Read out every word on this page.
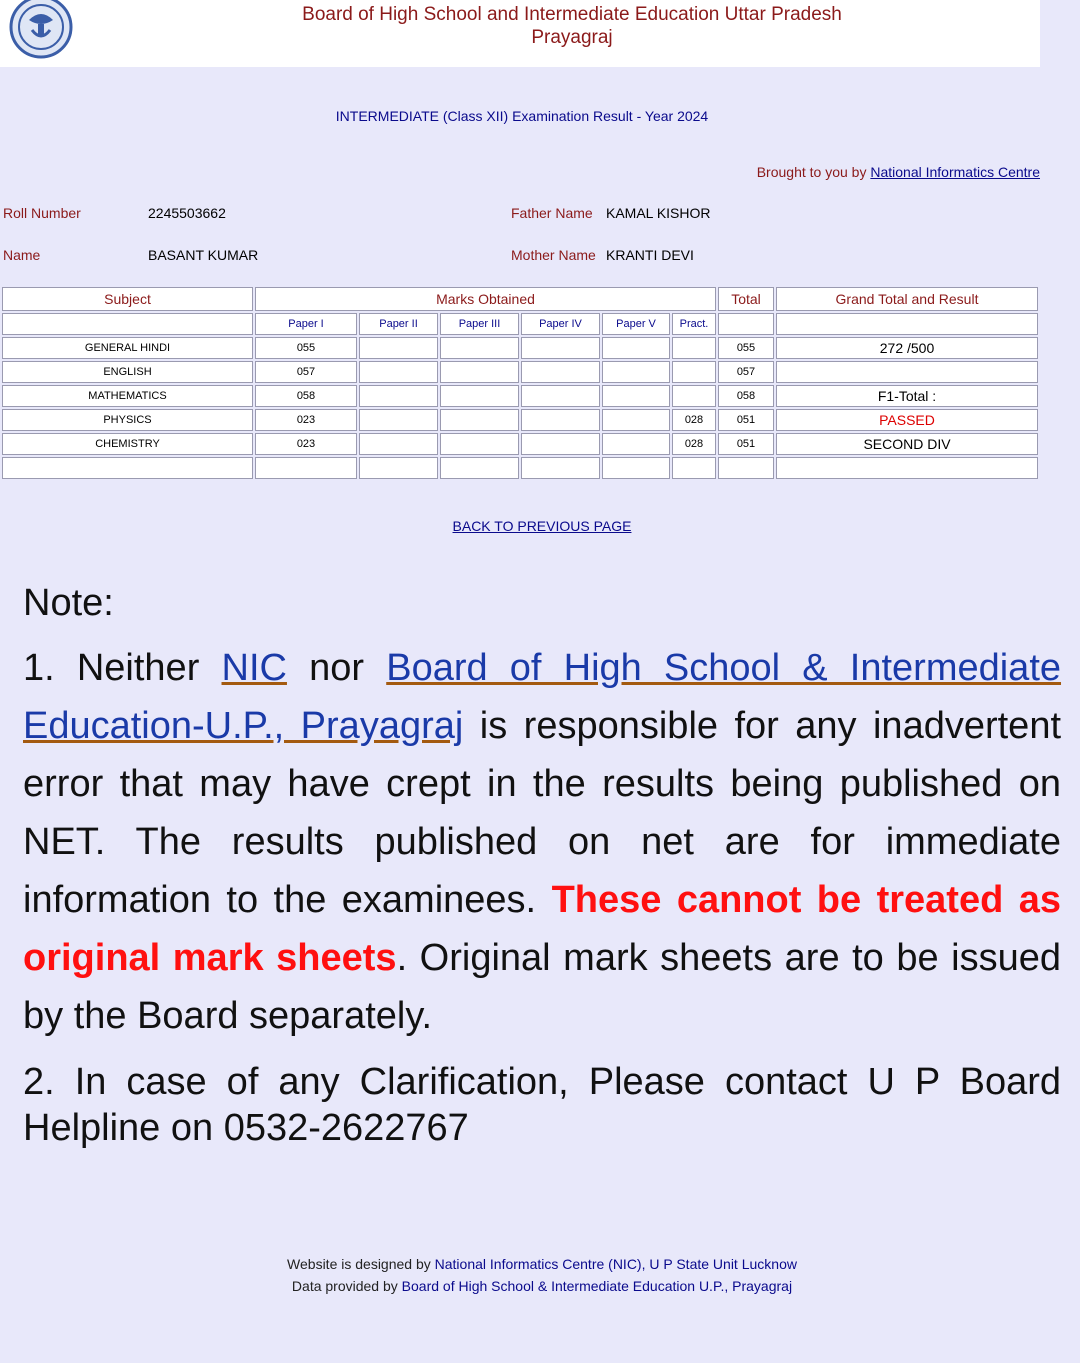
Board of High School and Intermediate Education Uttar Pradesh
Prayagraj
INTERMEDIATE (Class XII) Examination Result - Year 2024
Brought to you by National Informatics Centre
Roll Number	2245503662	Father Name KAMAL KISHOR
Name	BASANT KUMAR	Mother Name KRANTI DEVI
Subject	Marks Obtained						Total	Grand Total and Result
	Paper I	Paper II	Paper III	Paper IV	Paper V	Pract.		
GENERAL HINDI	055						055	272 /500
ENGLISH	057						057	
MATHEMATICS	058						058	F1-Total :
PHYSICS	023					028	051	PASSED
CHEMISTRY	023					028	051	SECOND DIV

BACK TO PREVIOUS PAGE
Note:

1. Neither NIC nor Board of High School & Intermediate Education-U.P., Prayagraj is responsible for any inadvertent error that may have crept in the results being published on NET. The results published on net are for immediate information to the examinees. These cannot be treated as original mark sheets. Original mark sheets are to be issued by the Board separately.

2. In case of any Clarification, Please contact U P Board Helpline on 0532-2622767

Website is designed by National Informatics Centre (NIC), U P State Unit Lucknow
Data provided by Board of High School & Intermediate Education U.P., Prayagraj
